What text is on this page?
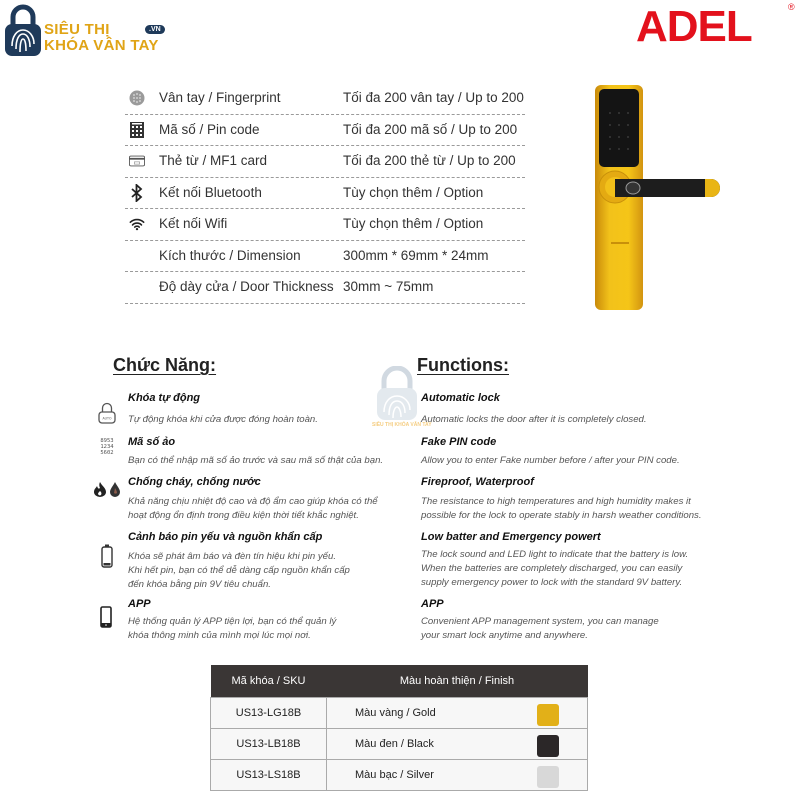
SIÊU THỊ
KHÓA VÂN TAY
.VN	ADEL	®
Vân tay / Fingerprint	Tối đa 200 vân tay / Up to 200
Mã số / Pin code	Tối đa 200 mã số / Up to 200
Thẻ từ / MF1 card	Tối đa 200 thẻ từ / Up to 200
Kết nối Bluetooth	Tùy chọn thêm / Option
Kết nối Wifi	Tùy chọn thêm / Option
Kích thước / Dimension	300mm * 69mm * 24mm
Độ dày cửa / Door Thickness 30mm ~ 75mm
Chức Năng:	Functions:
SIÊU THỊ KHÓA VÂN TAY
AUTO
Khóa tự động
Tự động khóa khi cửa được đóng hoàn toàn.
8953
1234
5602
Mã số ảo
Bạn có thể nhập mã số ảo trước và sau mã số thật của bạn.
Chống cháy, chống nước
Khả năng chịu nhiệt độ cao và độ ẩm cao giúp khóa có thể
hoạt động ổn định trong điều kiện thời tiết khắc nghiệt.
Cảnh báo pin yếu và nguồn khẩn cấp
Khóa sẽ phát âm báo và đèn tín hiệu khi pin yếu.
Khi hết pin, bạn có thể dễ dàng cấp nguồn khẩn cấp
đến khóa bằng pin 9V tiêu chuẩn.
APP
Hệ thống quản lý APP tiện lợi, bạn có thể quản lý
khóa thông minh của mình mọi lúc mọi nơi.
Automatic lock
Automatic locks the door after it is completely closed.
Fake PIN code
Allow you to enter Fake number before / after your PIN code.
Fireproof, Waterproof
The resistance to high temperatures and high humidity makes it
possible for the lock to operate stably in harsh weather conditions.
Low batter and Emergency powert
The lock sound and LED light to indicate that the battery is low.
When the batteries are completely discharged, you can easily
supply emergency power to lock with the standard 9V battery.
APP
Convenient APP management system, you can manage
your smart lock anytime and anywhere.
Mã khóa / SKU	Màu hoàn thiện / Finish
US13-LG18B	Màu vàng / Gold

US13-LB18B	Màu đen / Black

US13-LS18B	Màu bạc / Silver
